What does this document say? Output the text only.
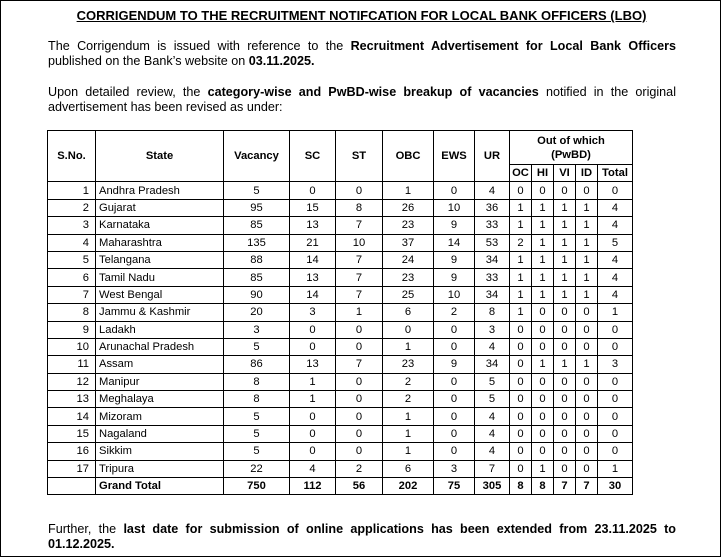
CORRIGENDUM TO THE RECRUITMENT NOTIFCATION FOR LOCAL BANK OFFICERS (LBO)
The Corrigendum is issued with reference to the Recruitment Advertisement for Local Bank Officers published on the Bank’s website on 03.11.2025.
Upon detailed review, the category-wise and PwBD-wise breakup of vacancies notified in the original advertisement has been revised as under:
S.No.	State	Vacancy	SC	ST	OBC	EWS	UR	Out of which
(PwBD)				

								OC	HI	VI	ID	Total
1	Andhra Pradesh	5	0	0	1	0	4	0	0	0	0	0
2	Gujarat	95	15	8	26	10	36	1	1	1	1	4
3	Karnataka	85	13	7	23	9	33	1	1	1	1	4
4	Maharashtra	135	21	10	37	14	53	2	1	1	1	5
5	Telangana	88	14	7	24	9	34	1	1	1	1	4
6	Tamil Nadu	85	13	7	23	9	33	1	1	1	1	4
7	West Bengal	90	14	7	25	10	34	1	1	1	1	4
8	Jammu & Kashmir	20	3	1	6	2	8	1	0	0	0	1
9	Ladakh	3	0	0	0	0	3	0	0	0	0	0
10	Arunachal Pradesh	5	0	0	1	0	4	0	0	0	0	0
11	Assam	86	13	7	23	9	34	0	1	1	1	3
12	Manipur	8	1	0	2	0	5	0	0	0	0	0
13	Meghalaya	8	1	0	2	0	5	0	0	0	0	0
14	Mizoram	5	0	0	1	0	4	0	0	0	0	0
15	Nagaland	5	0	0	1	0	4	0	0	0	0	0
16	Sikkim	5	0	0	1	0	4	0	0	0	0	0
17	Tripura	22	4	2	6	3	7	0	1	0	0	1
	Grand Total	750	112	56	202	75	305	8	8	7	7	30
Further, the last date for submission of online applications has been extended from 23.11.2025 to 01.12.2025.
